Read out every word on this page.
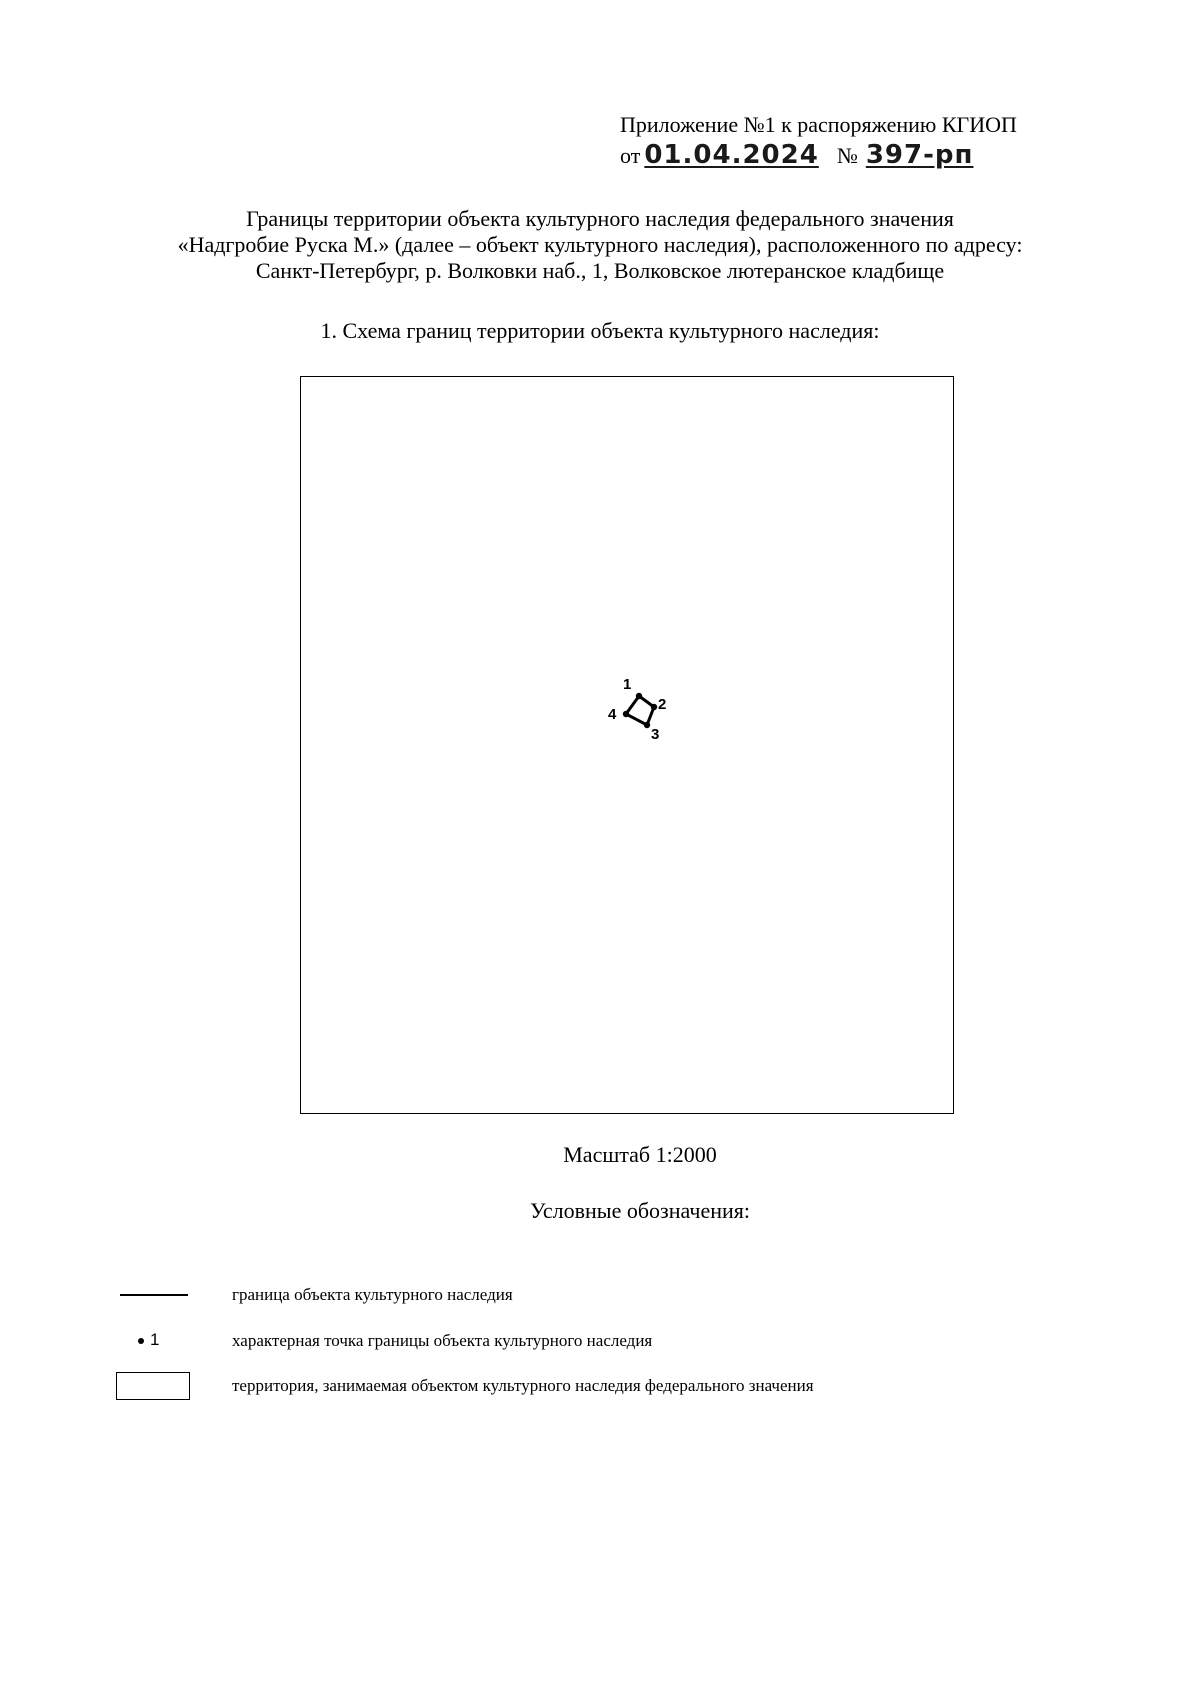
Приложение №1 к распоряжению КГИОП
от 01.04.2024 № 397-рп
Границы территории объекта культурного наследия федерального значения
«Надгробие Руска М.» (далее – объект культурного наследия), расположенного по адресу:
Санкт-Петербург, р. Волковки наб., 1, Волковское лютеранское кладбище
1. Схема границ территории объекта культурного наследия:
1
2
3
4
Масштаб 1:2000
Условные обозначения:
граница объекта культурного наследия
1	характерная точка границы объекта культурного наследия
территория, занимаемая объектом культурного наследия федерального значения
